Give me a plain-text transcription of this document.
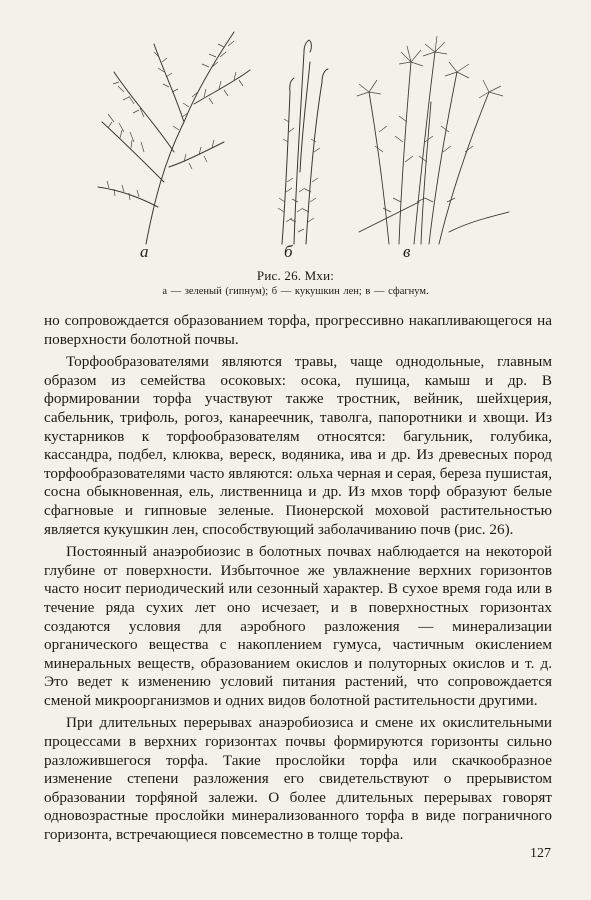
а	б	в
Рис. 26. Мхи:
а — зеленый (гипнум); б — кукушкин лен; в — сфагнум.

но сопровождается образованием торфа, прогрессивно накапливающегося на поверхности болотной почвы.

Торфообразователями являются травы, чаще однодольные, главным образом из семейства осоковых: осока, пушица, камыш и др. В формировании торфа участвуют также тростник, вейник, шейхцерия, сабельник, трифоль, рогоз, канареечник, таволга, папоротники и хвощи. Из кустарников к торфообразователям относятся: багульник, голубика, кассандра, подбел, клюква, вереск, водяника, ива и др. Из древесных пород торфообразователями часто являются: ольха черная и серая, береза пушистая, сосна обыкновенная, ель, лиственница и др. Из мхов торф образуют белые сфагновые и гипновые зеленые. Пионерской моховой растительностью является кукушкин лен, способствующий заболачиванию почв (рис. 26).

Постоянный анаэробиозис в болотных почвах наблюдается на некоторой глубине от поверхности. Избыточное же увлажнение верхних горизонтов часто носит периодический или сезонный характер. В сухое время года или в течение ряда сухих лет оно исчезает, и в поверхностных горизонтах создаются условия для аэробного разложения — минерализации органического вещества с накоплением гумуса, частичным окислением минеральных веществ, образованием окислов и полуторных окислов и т. д. Это ведет к изменению условий питания растений, что сопровождается сменой микроорганизмов и одних видов болотной растительности другими.

При длительных перерывах анаэробиозиса и смене их окислительными процессами в верхних горизонтах почвы формируются горизонты сильно разложившегося торфа. Такие прослойки торфа или скачкообразное изменение степени разложения его свидетельствуют о прерывистом образовании торфяной залежи. О более длительных перерывах говорят одновозрастные прослойки минерализованного торфа в виде пограничного горизонта, встречающиеся повсеместно в толще торфа.

127
